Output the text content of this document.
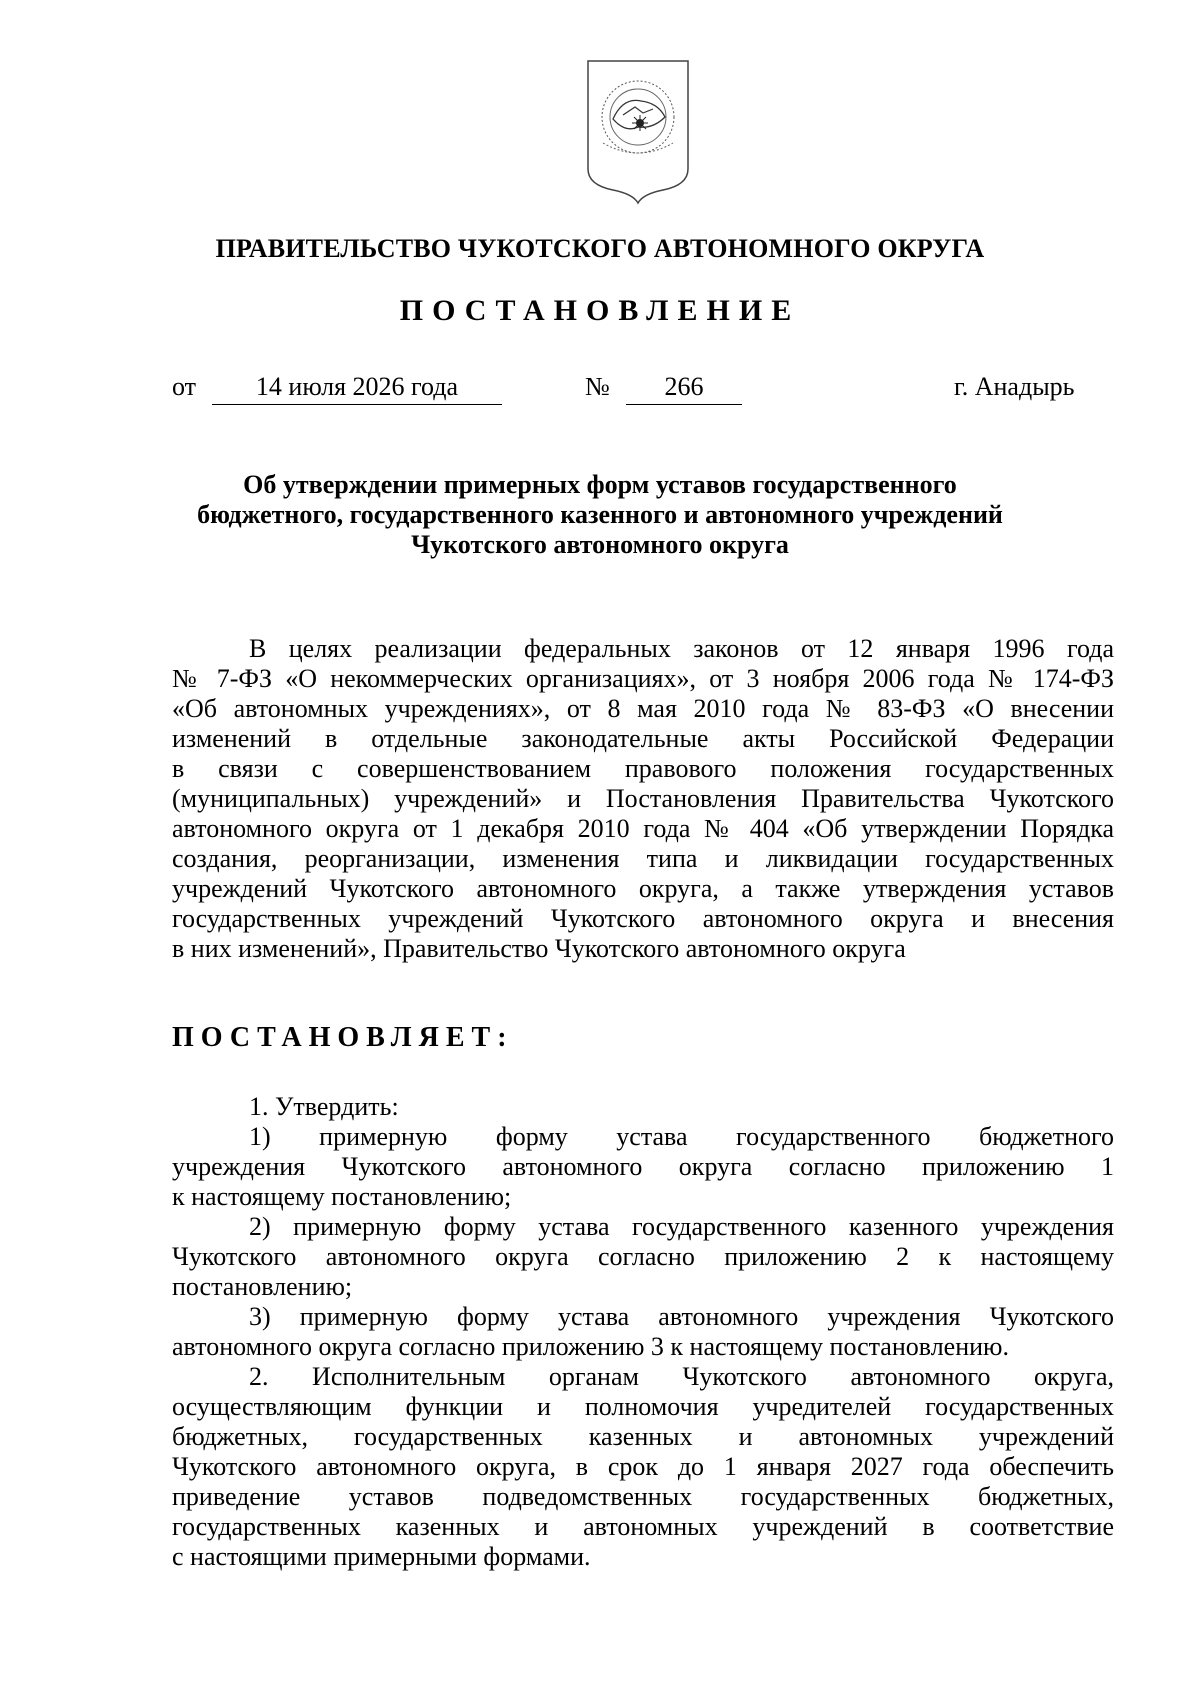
ПРАВИТЕЛЬСТВО ЧУКОТСКОГО АВТОНОМНОГО ОКРУГА
ПОСТАНОВЛЕНИЕ
от	14 июля 2026 года	№	266	г. Анадырь
Об утверждении примерных форм уставов государственного
бюджетного, государственного казенного и автономного учреждений
Чукотского автономного округа
В целях реализации федеральных законов от 12 января 1996 года
№ 7-ФЗ «О некоммерческих организациях», от 3 ноября 2006 года № 174-ФЗ
«Об автономных учреждениях», от 8 мая 2010 года № 83-ФЗ «О внесении
изменений в отдельные законодательные акты Российской Федерации
в связи с совершенствованием правового положения государственных
(муниципальных) учреждений» и Постановления Правительства Чукотского
автономного округа от 1 декабря 2010 года № 404 «Об утверждении Порядка
создания, реорганизации, изменения типа и ликвидации государственных
учреждений Чукотского автономного округа, а также утверждения уставов
государственных учреждений Чукотского автономного округа и внесения
в них изменений», Правительство Чукотского автономного округа
ПОСТАНОВЛЯЕТ:
1. Утвердить:
1) примерную форму устава государственного бюджетного
учреждения Чукотского автономного округа согласно приложению 1
к настоящему постановлению;
2) примерную форму устава государственного казенного учреждения
Чукотского автономного округа согласно приложению 2 к настоящему
постановлению;
3) примерную форму устава автономного учреждения Чукотского
автономного округа согласно приложению 3 к настоящему постановлению.
2. Исполнительным органам Чукотского автономного округа,
осуществляющим функции и полномочия учредителей государственных
бюджетных, государственных казенных и автономных учреждений
Чукотского автономного округа, в срок до 1 января 2027 года обеспечить
приведение уставов подведомственных государственных бюджетных,
государственных казенных и автономных учреждений в соответствие
с настоящими примерными формами.
